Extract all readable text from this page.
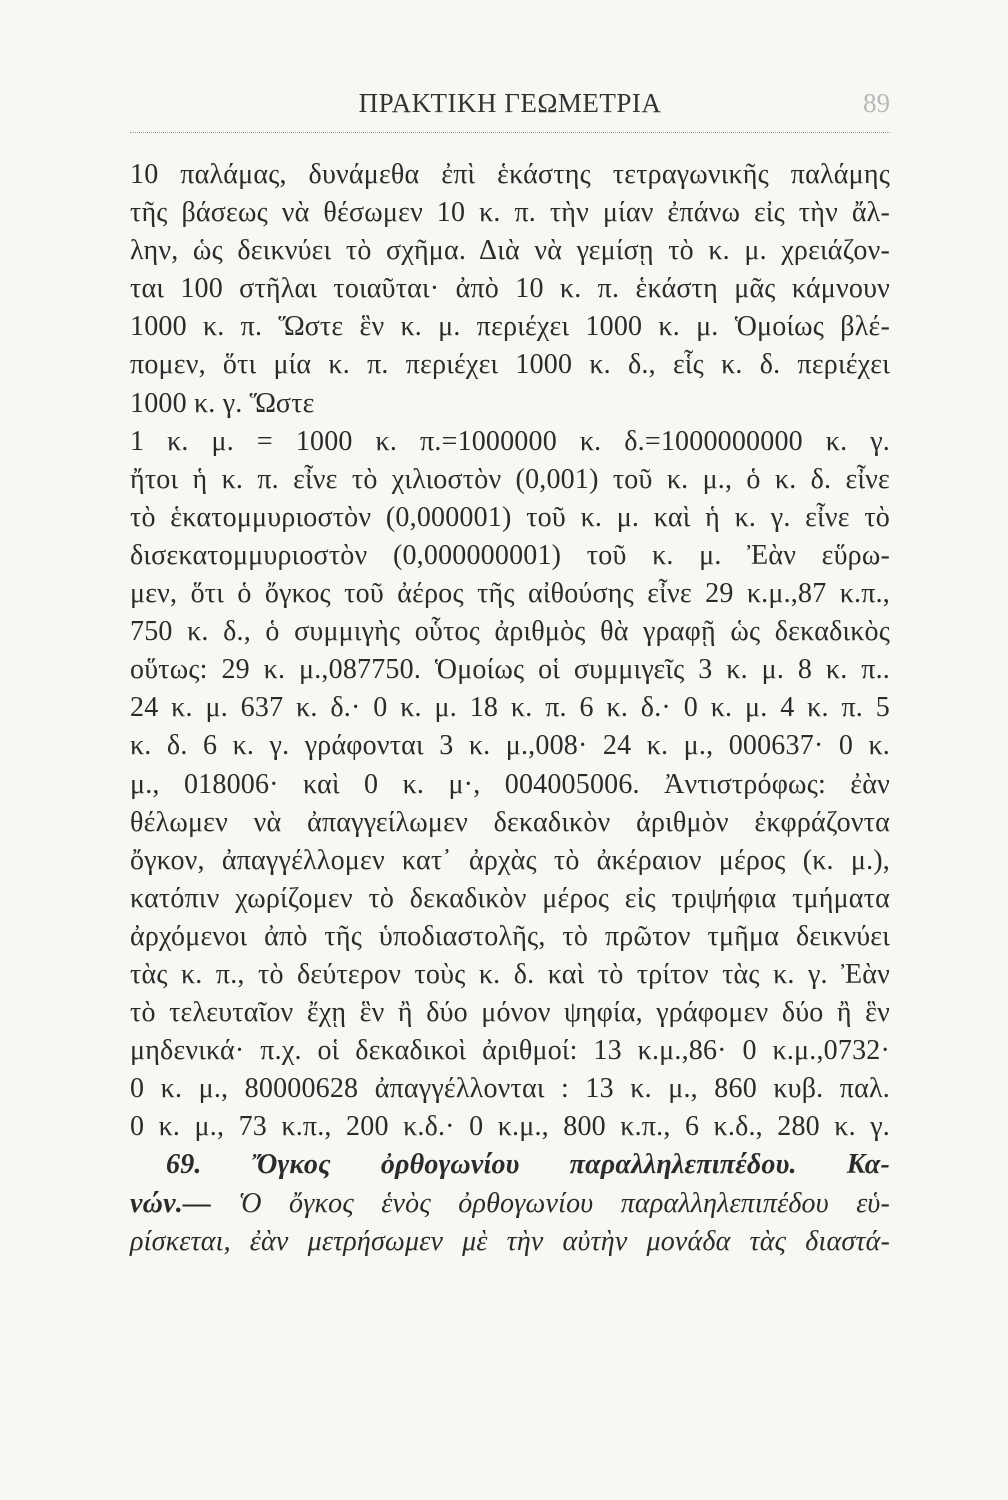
ΠΡΑΚΤΙΚΗ ΓΕΩΜΕΤΡΙΑ	89
10 παλάμας, δυνάμεθα ἐπὶ ἑκάστης τετραγωνικῆς παλάμης
τῆς βάσεως νὰ θέσωμεν 10 κ. π. τὴν μίαν ἐπάνω εἰς τὴν ἄλ-
λην, ὡς δεικνύει τὸ σχῆμα. Διὰ νὰ γεμίσῃ τὸ κ. μ. χρειάζον-
ται 100 στῆλαι τοιαῦται· ἀπὸ 10 κ. π. ἑκάστη μᾶς κάμνουν
1000 κ. π. Ὥστε ἓν κ. μ. περιέχει 1000 κ. μ. Ὁμοίως βλέ-
πομεν, ὅτι μία κ. π. περιέχει 1000 κ. δ., εἷς κ. δ. περιέχει
1000 κ. γ. Ὥστε
1 κ. μ. = 1000 κ. π.=1000000 κ. δ.=1000000000 κ. γ.
ἤτοι ἡ κ. π. εἶνε τὸ χιλιοστὸν (0,001) τοῦ κ. μ., ὁ κ. δ. εἶνε
τὸ ἑκατομμυριοστὸν (0,000001) τοῦ κ. μ. καὶ ἡ κ. γ. εἶνε τὸ
δισεκατομμυριοστὸν (0,000000001) τοῦ κ. μ. Ἐὰν εὕρω-
μεν, ὅτι ὁ ὄγκος τοῦ ἀέρος τῆς αἰθούσης εἶνε 29 κ.μ.,87 κ.π.,
750 κ. δ., ὁ συμμιγὴς οὗτος ἀριθμὸς θὰ γραφῇ ὡς δεκαδικὸς
οὕτως: 29 κ. μ.,087750. Ὁμοίως οἱ συμμιγεῖς 3 κ. μ. 8 κ. π..
24 κ. μ. 637 κ. δ.· 0 κ. μ. 18 κ. π. 6 κ. δ.· 0 κ. μ. 4 κ. π. 5
κ. δ. 6 κ. γ. γράφονται 3 κ. μ.,008· 24 κ. μ., 000637· 0 κ.
μ., 018006· καὶ 0 κ. μ·, 004005006. Ἀντιστρόφως: ἐὰν
θέλωμεν νὰ ἀπαγγείλωμεν δεκαδικὸν ἀριθμὸν ἐκφράζοντα
ὄγκον, ἀπαγγέλλομεν κατ᾽ ἀρχὰς τὸ ἀκέραιον μέρος (κ. μ.),
κατόπιν χωρίζομεν τὸ δεκαδικὸν μέρος εἰς τριψήφια τμήματα
ἀρχόμενοι ἀπὸ τῆς ὑποδιαστολῆς, τὸ πρῶτον τμῆμα δεικνύει
τὰς κ. π., τὸ δεύτερον τοὺς κ. δ. καὶ τὸ τρίτον τὰς κ. γ. Ἐὰν
τὸ τελευταῖον ἔχῃ ἓν ἢ δύο μόνον ψηφία, γράφομεν δύο ἢ ἓν
μηδενικά· π.χ. οἱ δεκαδικοὶ ἀριθμοί: 13 κ.μ.,86· 0 κ.μ.,0732·
0 κ. μ., 80000628 ἀπαγγέλλονται : 13 κ. μ., 860 κυβ. παλ.
0 κ. μ., 73 κ.π., 200 κ.δ.· 0 κ.μ., 800 κ.π., 6 κ.δ., 280 κ. γ.
69. Ὄγκος ὀρθογωνίου παραλληλεπιπέδου. Κα-
νών.— Ὁ ὄγκος ἑνὸς ὀρθογωνίου παραλληλεπιπέδου εὑ-
ρίσκεται, ἐὰν μετρήσωμεν μὲ τὴν αὐτὴν μονάδα τὰς διαστά-
